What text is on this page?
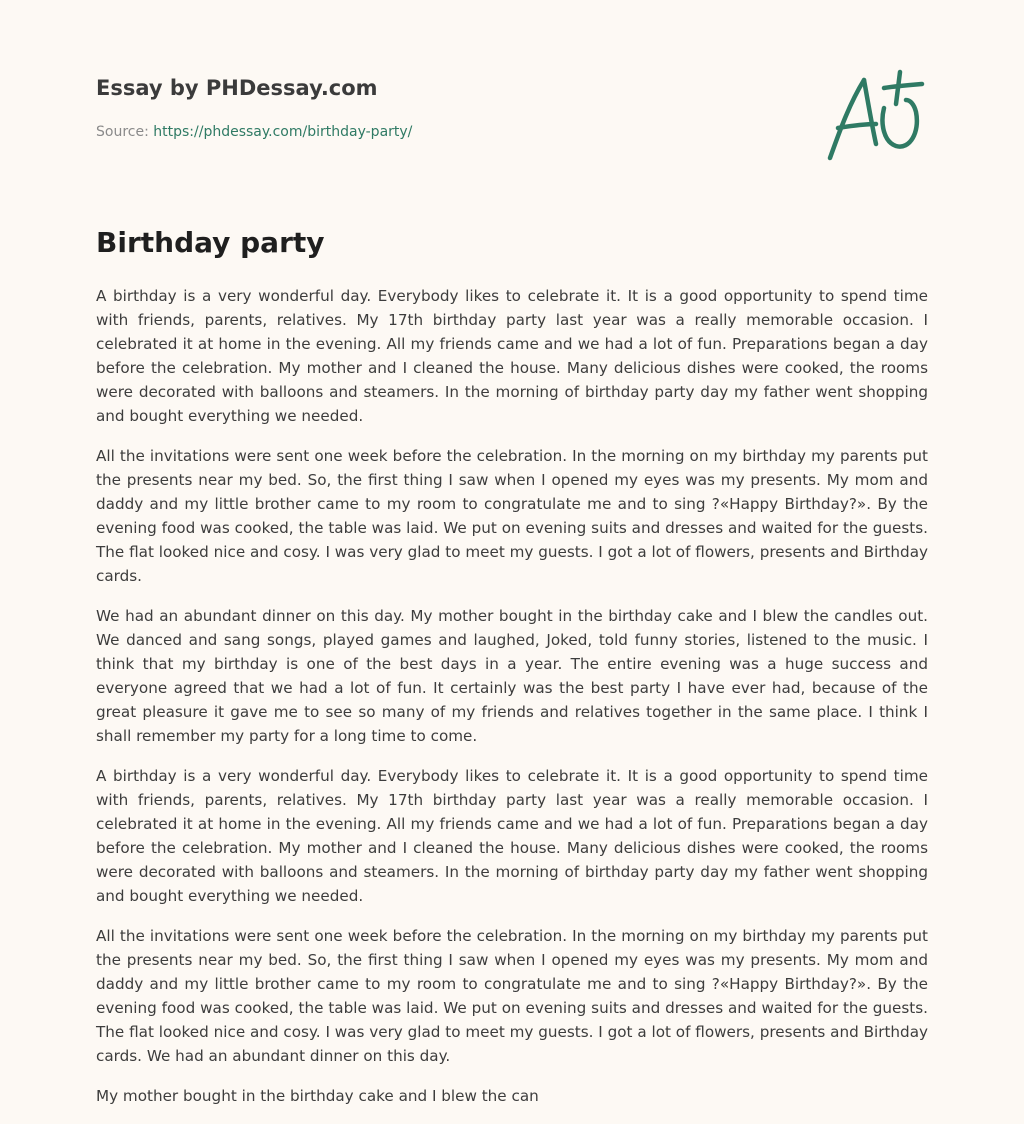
Essay by PHDessay.com
Source: https://phdessay.com/birthday-party/
Birthday party

A birthday is a very wonderful day. Everybody likes to celebrate it. It is a good opportunity to spend time with friends, parents, relatives. My 17th birthday party last year was a really memorable occasion. I celebrated it at home in the evening. All my friends came and we had a lot of fun. Preparations began a day before the celebration. My mother and I cleaned the house. Many delicious dishes were cooked, the rooms were decorated with balloons and steamers. In the morning of birthday party day my father went shopping and bought everything we needed.

All the invitations were sent one week before the celebration. In the morning on my birthday my parents put the presents near my bed. So, the first thing I saw when I opened my eyes was my presents. My mom and daddy and my little brother came to my room to congratulate me and to sing ?«Happy Birthday?». By the evening food was cooked, the table was laid. We put on evening suits and dresses and waited for the guests. The flat looked nice and cosy. I was very glad to meet my guests. I got a lot of flowers, presents and Birthday cards.

We had an abundant dinner on this day. My mother bought in the birthday cake and I blew the candles out. We danced and sang songs, played games and laughed, Joked, told funny stories, listened to the music. I think that my birthday is one of the best days in a year. The entire evening was a huge success and everyone agreed that we had a lot of fun. It certainly was the best party I have ever had, because of the great pleasure it gave me to see so many of my friends and relatives together in the same place. I think I shall remember my party for a long time to come.

A birthday is a very wonderful day. Everybody likes to celebrate it. It is a good opportunity to spend time with friends, parents, relatives. My 17th birthday party last year was a really memorable occasion. I celebrated it at home in the evening. All my friends came and we had a lot of fun. Preparations began a day before the celebration. My mother and I cleaned the house. Many delicious dishes were cooked, the rooms were decorated with balloons and steamers. In the morning of birthday party day my father went shopping and bought everything we needed.

All the invitations were sent one week before the celebration. In the morning on my birthday my parents put the presents near my bed. So, the first thing I saw when I opened my eyes was my presents. My mom and daddy and my little brother came to my room to congratulate me and to sing ?«Happy Birthday?». By the evening food was cooked, the table was laid. We put on evening suits and dresses and waited for the guests. The flat looked nice and cosy. I was very glad to meet my guests. I got a lot of flowers, presents and Birthday cards. We had an abundant dinner on this day.

My mother bought in the birthday cake and I blew the can
